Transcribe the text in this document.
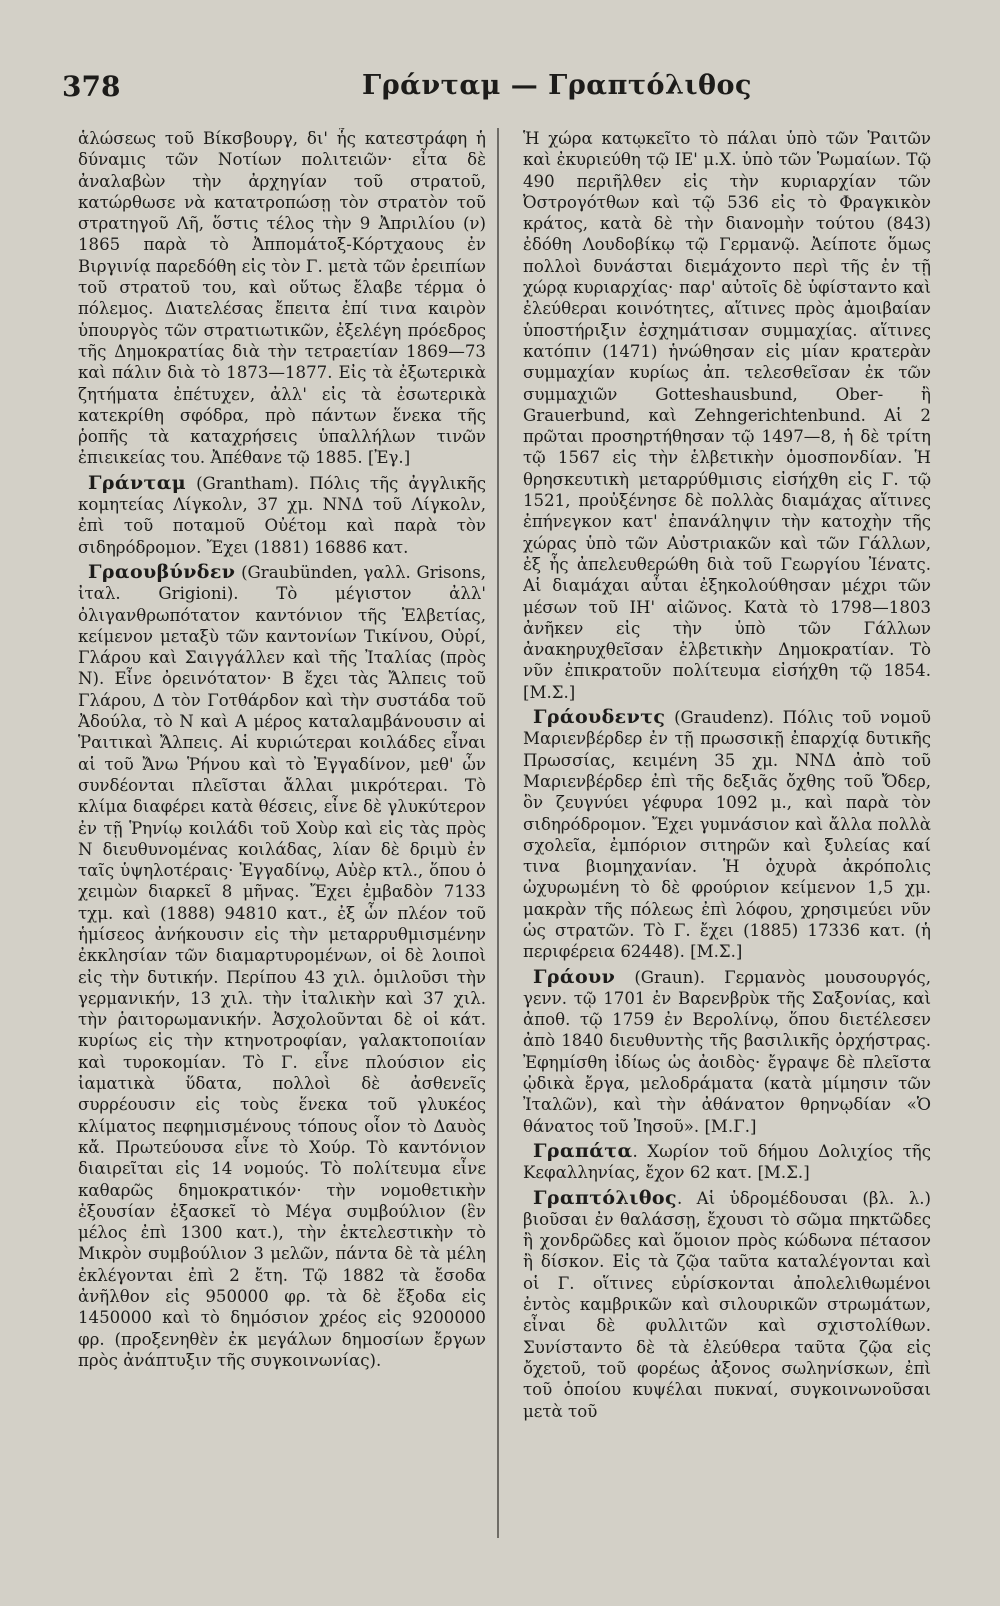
378	Γράνταμ — Γραπτόλιθος

ἁλώσεως τοῦ Βίκσβουργ, δι' ἧς κατεστράφη ἡ δύναμις τῶν Νοτίων πολιτειῶν· εἶτα δὲ ἀναλαβὼν τὴν ἀρχηγίαν τοῦ στρατοῦ, κατώρθωσε νὰ κατατροπώσῃ τὸν στρατὸν τοῦ στρατηγοῦ Λῆ, ὅστις τέλος τὴν 9 Ἀπριλίου (ν) 1865 παρὰ τὸ Ἀππομάτοξ-Κόρτχαους ἐν Βιργινίᾳ παρεδόθη εἰς τὸν Γ. μετὰ τῶν ἐρειπίων τοῦ στρατοῦ του, καὶ οὕτως ἔλαβε τέρμα ὁ πόλεμος. Διατελέσας ἔπειτα ἐπί τινα καιρὸν ὑπουργὸς τῶν στρατιωτικῶν, ἐξελέγη πρόεδρος τῆς Δημοκρατίας διὰ τὴν τετραετίαν 1869—73 καὶ πάλιν διὰ τὸ 1873—1877. Εἰς τὰ ἐξωτερικὰ ζητήματα ἐπέτυχεν, ἀλλ' εἰς τὰ ἐσωτερικὰ κατεκρίθη σφόδρα, πρὸ πάντων ἕνεκα τῆς ῥοπῆς τὰ καταχρήσεις ὑπαλλήλων τινῶν ἐπιεικείας του. Ἀπέθανε τῷ 1885. [Ἐγ.]

Γράνταμ (Grantham). Πόλις τῆς ἀγγλικῆς κομητείας Λίγκολν, 37 χμ. ΝΝΔ τοῦ Λίγκολν, ἐπὶ τοῦ ποταμοῦ Οὐέτομ καὶ παρὰ τὸν σιδηρόδρομον. Ἔχει (1881) 16886 κατ.

Γραουβύνδεν (Graubünden, γαλλ. Grisons, ἰταλ. Grigioni). Τὸ μέγιστον ἀλλ' ὀλιγανθρωπότατον καντόνιον τῆς Ἑλβετίας, κείμενον μεταξὺ τῶν καντονίων Τικίνου, Οὐρί, Γλάρου καὶ Σαιγγάλλεν καὶ τῆς Ἰταλίας (πρὸς Ν). Εἶνε ὀρεινότατον· Β ἔχει τὰς Ἄλπεις τοῦ Γλάρου, Δ τὸν Γοτθάρδον καὶ τὴν συστάδα τοῦ Ἀδούλα, τὸ Ν καὶ Α μέρος καταλαμβάνουσιν αἱ Ῥαιτικαὶ Ἄλπεις. Αἱ κυριώτεραι κοιλάδες εἶναι αἱ τοῦ Ἄνω Ῥήνου καὶ τὸ Ἐγγαδίνον, μεθ' ὧν συνδέονται πλεῖσται ἄλλαι μικρότεραι. Τὸ κλίμα διαφέρει κατὰ θέσεις, εἶνε δὲ γλυκύτερον ἐν τῇ Ῥηνίῳ κοιλάδι τοῦ Χοὺρ καὶ εἰς τὰς πρὸς Ν διευθυνομένας κοιλάδας, λίαν δὲ δριμὺ ἐν ταῖς ὑψηλοτέραις· Ἐγγαδίνῳ, Αὐὲρ κτλ., ὅπου ὁ χειμὼν διαρκεῖ 8 μῆνας. Ἔχει ἐμβαδὸν 7133 τχμ. καὶ (1888) 94810 κατ., ἐξ ὧν πλέον τοῦ ἡμίσεος ἀνήκουσιν εἰς τὴν μεταρρυθμισμένην ἐκκλησίαν τῶν διαμαρτυρομένων, οἱ δὲ λοιποὶ εἰς τὴν δυτικήν. Περίπου 43 χιλ. ὁμιλοῦσι τὴν γερμανικήν, 13 χιλ. τὴν ἰταλικὴν καὶ 37 χιλ. τὴν ῥαιτορωμανικήν. Ἀσχολοῦνται δὲ οἱ κάτ. κυρίως εἰς τὴν κτηνοτροφίαν, γαλακτοποιίαν καὶ τυροκομίαν. Τὸ Γ. εἶνε πλούσιον εἰς ἰαματικὰ ὕδατα, πολλοὶ δὲ ἀσθενεῖς συρρέουσιν εἰς τοὺς ἕνεκα τοῦ γλυκέος κλίματος πεφημισμένους τόπους οἷον τὸ Δαυὸς κἄ. Πρωτεύουσα εἶνε τὸ Χούρ. Τὸ καντόνιον διαιρεῖται εἰς 14 νομούς. Τὸ πολίτευμα εἶνε καθαρῶς δημοκρατικόν· τὴν νομοθετικὴν ἐξουσίαν ἐξασκεῖ τὸ Μέγα συμβούλιον (ἓν μέλος ἐπὶ 1300 κατ.), τὴν ἐκτελεστικὴν τὸ Μικρὸν συμβούλιον 3 μελῶν, πάντα δὲ τὰ μέλη ἐκλέγονται ἐπὶ 2 ἔτη. Τῷ 1882 τὰ ἔσοδα ἀνῆλθον εἰς 950000 φρ. τὰ δὲ ἔξοδα εἰς 1450000 καὶ τὸ δημόσιον χρέος εἰς 9200000 φρ. (προξενηθὲν ἐκ μεγάλων δημοσίων ἔργων πρὸς ἀνάπτυξιν τῆς συγκοινωνίας).

Ἡ χώρα κατῳκεῖτο τὸ πάλαι ὑπὸ τῶν Ῥαιτῶν καὶ ἐκυριεύθη τῷ ΙΕ' μ.Χ. ὑπὸ τῶν Ῥωμαίων. Τῷ 490 περιῆλθεν εἰς τὴν κυριαρχίαν τῶν Ὀστρογότθων καὶ τῷ 536 εἰς τὸ Φραγκικὸν κράτος, κατὰ δὲ τὴν διανομὴν τούτου (843) ἐδόθη Λουδοβίκῳ τῷ Γερμανῷ. Ἀείποτε ὅμως πολλοὶ δυνάσται διεμάχοντο περὶ τῆς ἐν τῇ χώρᾳ κυριαρχίας· παρ' αὐτοῖς δὲ ὑφίσταντο καὶ ἐλεύθεραι κοινότητες, αἵτινες πρὸς ἀμοιβαίαν ὑποστήριξιν ἐσχημάτισαν συμμαχίας. αἵτινες κατόπιν (1471) ἡνώθησαν εἰς μίαν κρατερὰν συμμαχίαν κυρίως ἀπ. τελεσθεῖσαν ἐκ τῶν συμμαχιῶν Gotteshausbund, Ober- ἢ Grauerbund, καὶ Zehngerichtenbund. Αἱ 2 πρῶται προσηρτήθησαν τῷ 1497—8, ἡ δὲ τρίτη τῷ 1567 εἰς τὴν ἑλβετικὴν ὁμοσπονδίαν. Ἡ θρησκευτικὴ μεταρρύθμισις εἰσήχθη εἰς Γ. τῷ 1521, προὐξένησε δὲ πολλὰς διαμάχας αἵτινες ἐπήνεγκον κατ' ἐπανάληψιν τὴν κατοχὴν τῆς χώρας ὑπὸ τῶν Αὐστριακῶν καὶ τῶν Γάλλων, ἐξ ἧς ἀπελευθερώθη διὰ τοῦ Γεωργίου Ἰένατς. Αἱ διαμάχαι αὗται ἐξηκολούθησαν μέχρι τῶν μέσων τοῦ ΙΗ' αἰῶνος. Κατὰ τὸ 1798—1803 ἀνῆκεν εἰς τὴν ὑπὸ τῶν Γάλλων ἀνακηρυχθεῖσαν ἑλβετικὴν Δημοκρατίαν. Τὸ νῦν ἐπικρατοῦν πολίτευμα εἰσήχθη τῷ 1854. [Μ.Σ.]

Γράουδεντς (Graudenz). Πόλις τοῦ νομοῦ Μαριενβέρδερ ἐν τῇ πρωσσικῇ ἐπαρχίᾳ δυτικῆς Πρωσσίας, κειμένη 35 χμ. ΝΝΔ ἀπὸ τοῦ Μαριενβέρδερ ἐπὶ τῆς δεξιᾶς ὄχθης τοῦ Ὄδερ, ὃν ζευγνύει γέφυρα 1092 μ., καὶ παρὰ τὸν σιδηρόδρομον. Ἔχει γυμνάσιον καὶ ἄλλα πολλὰ σχολεῖα, ἐμπόριον σιτηρῶν καὶ ξυλείας καί τινα βιομηχανίαν. Ἡ ὀχυρὰ ἀκρόπολις ὠχυρωμένη τὸ δὲ φρούριον κείμενον 1,5 χμ. μακρὰν τῆς πόλεως ἐπὶ λόφου, χρησιμεύει νῦν ὡς στρατῶν. Τὸ Γ. ἔχει (1885) 17336 κατ. (ἡ περιφέρεια 62448). [Μ.Σ.]

Γράουν (Graun). Γερμανὸς μουσουργός, γενν. τῷ 1701 ἐν Βαρενβρὺκ τῆς Σαξονίας, καὶ ἀποθ. τῷ 1759 ἐν Βερολίνῳ, ὅπου διετέλεσεν ἀπὸ 1840 διευθυντὴς τῆς βασιλικῆς ὀρχήστρας. Ἐφημίσθη ἰδίως ὡς ἀοιδὸς· ἔγραψε δὲ πλεῖστα ᾠδικὰ ἔργα, μελοδράματα (κατὰ μίμησιν τῶν Ἰταλῶν), καὶ τὴν ἀθάνατον θρηνῳδίαν «Ὁ θάνατος τοῦ Ἰησοῦ». [Μ.Γ.]

Γραπάτα. Χωρίον τοῦ δήμου Δολιχίος τῆς Κεφαλληνίας, ἔχον 62 κατ. [Μ.Σ.]

Γραπτόλιθος. Αἱ ὑδρομέδουσαι (βλ. λ.) βιοῦσαι ἐν θαλάσσῃ, ἔχουσι τὸ σῶμα πηκτῶδες ἢ χονδρῶδες καὶ ὅμοιον πρὸς κώδωνα πέτασον ἢ δίσκον. Εἰς τὰ ζῷα ταῦτα καταλέγονται καὶ οἱ Γ. οἵτινες εὑρίσκονται ἀπολελιθωμένοι ἐντὸς καμβρικῶν καὶ σιλουρικῶν στρωμάτων, εἶναι δὲ φυλλιτῶν καὶ σχιστολίθων. Συνίσταντο δὲ τὰ ἐλεύθερα ταῦτα ζῷα εἰς ὄχετοῦ, τοῦ φορέως ἀξονος σωληνίσκων, ἐπὶ τοῦ ὁποίου κυψέλαι πυκναί, συγκοινωνοῦσαι μετὰ τοῦ
